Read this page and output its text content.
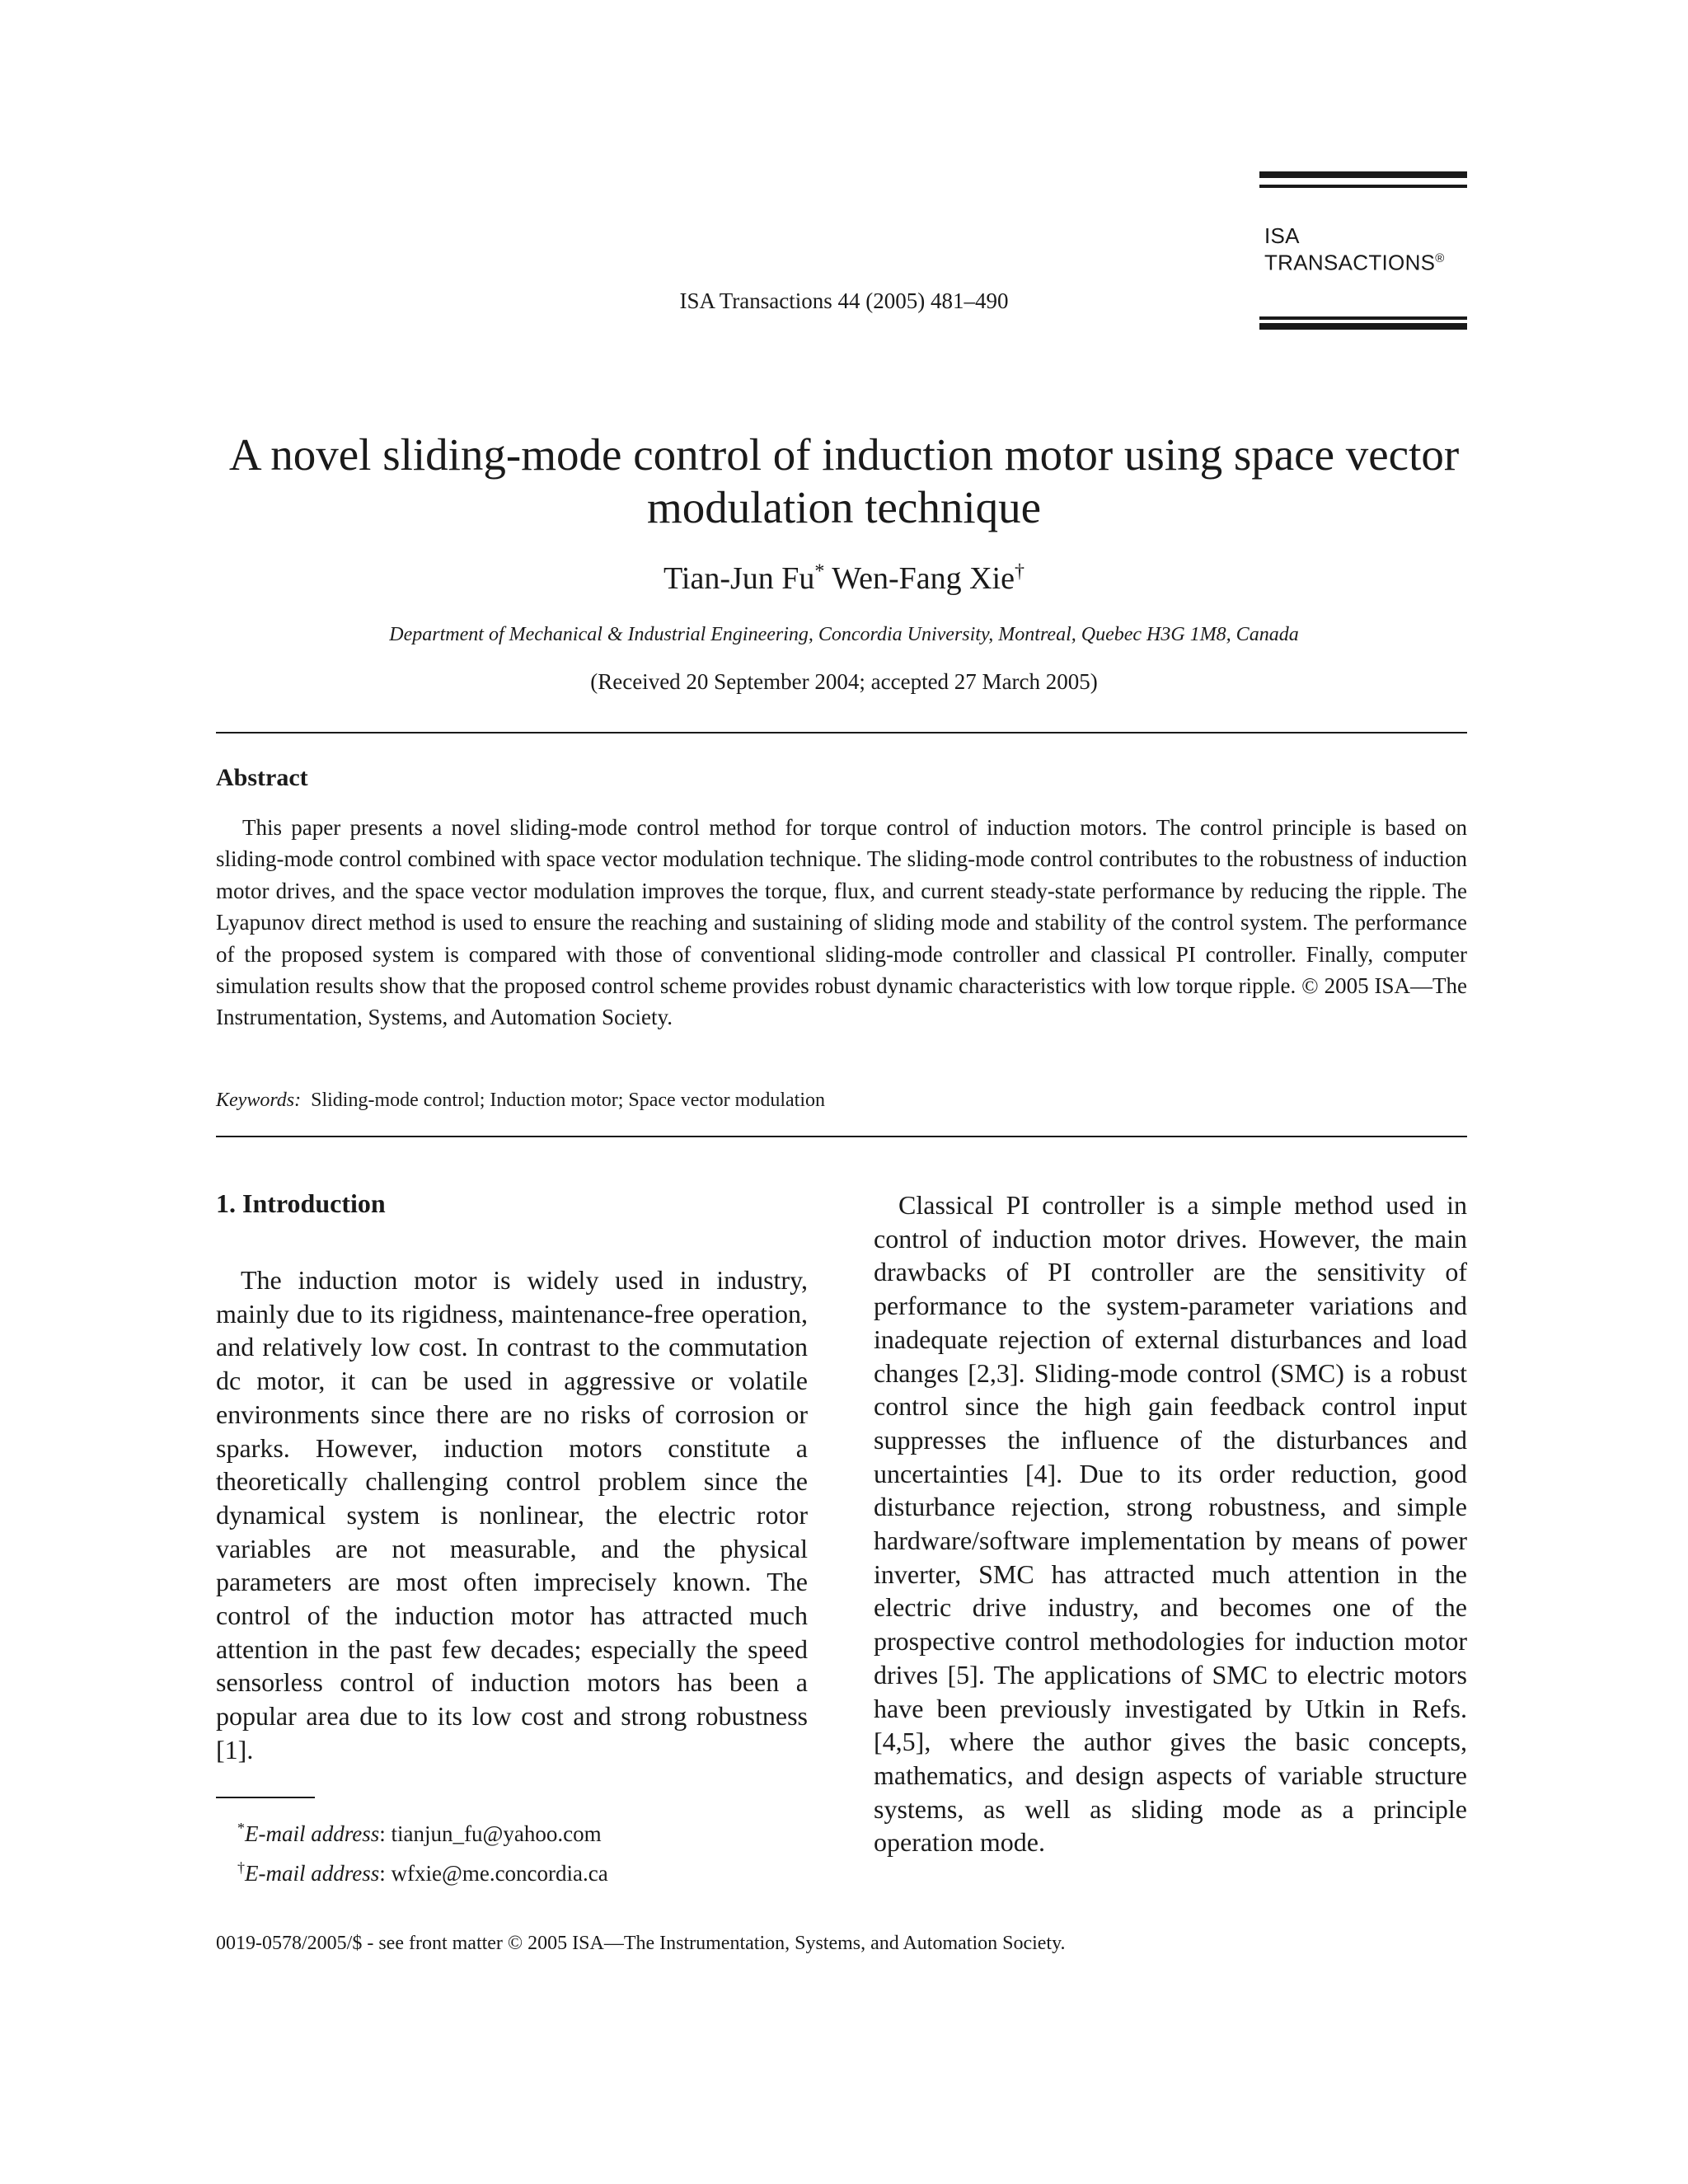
ISA Transactions 44 (2005) 481–490
ISA
TRANSACTIONS®
A novel sliding-mode control of induction motor using space vector modulation technique
Tian-Jun Fu* Wen-Fang Xie†
Department of Mechanical & Industrial Engineering, Concordia University, Montreal, Quebec H3G 1M8, Canada
(Received 20 September 2004; accepted 27 March 2005)
Abstract

This paper presents a novel sliding-mode control method for torque control of induction motors. The control principle is based on sliding-mode control combined with space vector modulation technique. The sliding-mode control contributes to the robustness of induction motor drives, and the space vector modulation improves the torque, flux, and current steady-state performance by reducing the ripple. The Lyapunov direct method is used to ensure the reaching and sustaining of sliding mode and stability of the control system. The performance of the proposed system is compared with those of conventional sliding-mode controller and classical PI controller. Finally, computer simulation results show that the proposed control scheme provides robust dynamic characteristics with low torque ripple. © 2005 ISA—The Instrumentation, Systems, and Automation Society.

Keywords: Sliding-mode control; Induction motor; Space vector modulation
1. Introduction

The induction motor is widely used in industry, mainly due to its rigidness, maintenance-free operation, and relatively low cost. In contrast to the commutation dc motor, it can be used in aggressive or volatile environments since there are no risks of corrosion or sparks. However, induction motors constitute a theoretically challenging control problem since the dynamical system is nonlinear, the electric rotor variables are not measurable, and the physical parameters are most often imprecisely known. The control of the induction motor has attracted much attention in the past few decades; especially the speed sensorless control of induction motors has been a popular area due to its low cost and strong robustness [1].

Classical PI controller is a simple method used in control of induction motor drives. However, the main drawbacks of PI controller are the sensitivity of performance to the system-parameter variations and inadequate rejection of external disturbances and load changes [2,3]. Sliding-mode control (SMC) is a robust control since the high gain feedback control input suppresses the influence of the disturbances and uncertainties [4]. Due to its order reduction, good disturbance rejection, strong robustness, and simple hardware/software implementation by means of power inverter, SMC has attracted much attention in the electric drive industry, and becomes one of the prospective control methodologies for induction motor drives [5]. The applications of SMC to electric motors have been previously investigated by Utkin in Refs. [4,5], where the author gives the basic concepts, mathematics, and design aspects of variable structure systems, as well as sliding mode as a principle operation mode.

*E-mail address: tianjun_fu@yahoo.com
†E-mail address: wfxie@me.concordia.ca
0019-0578/2005/$ - see front matter © 2005 ISA—The Instrumentation, Systems, and Automation Society.
